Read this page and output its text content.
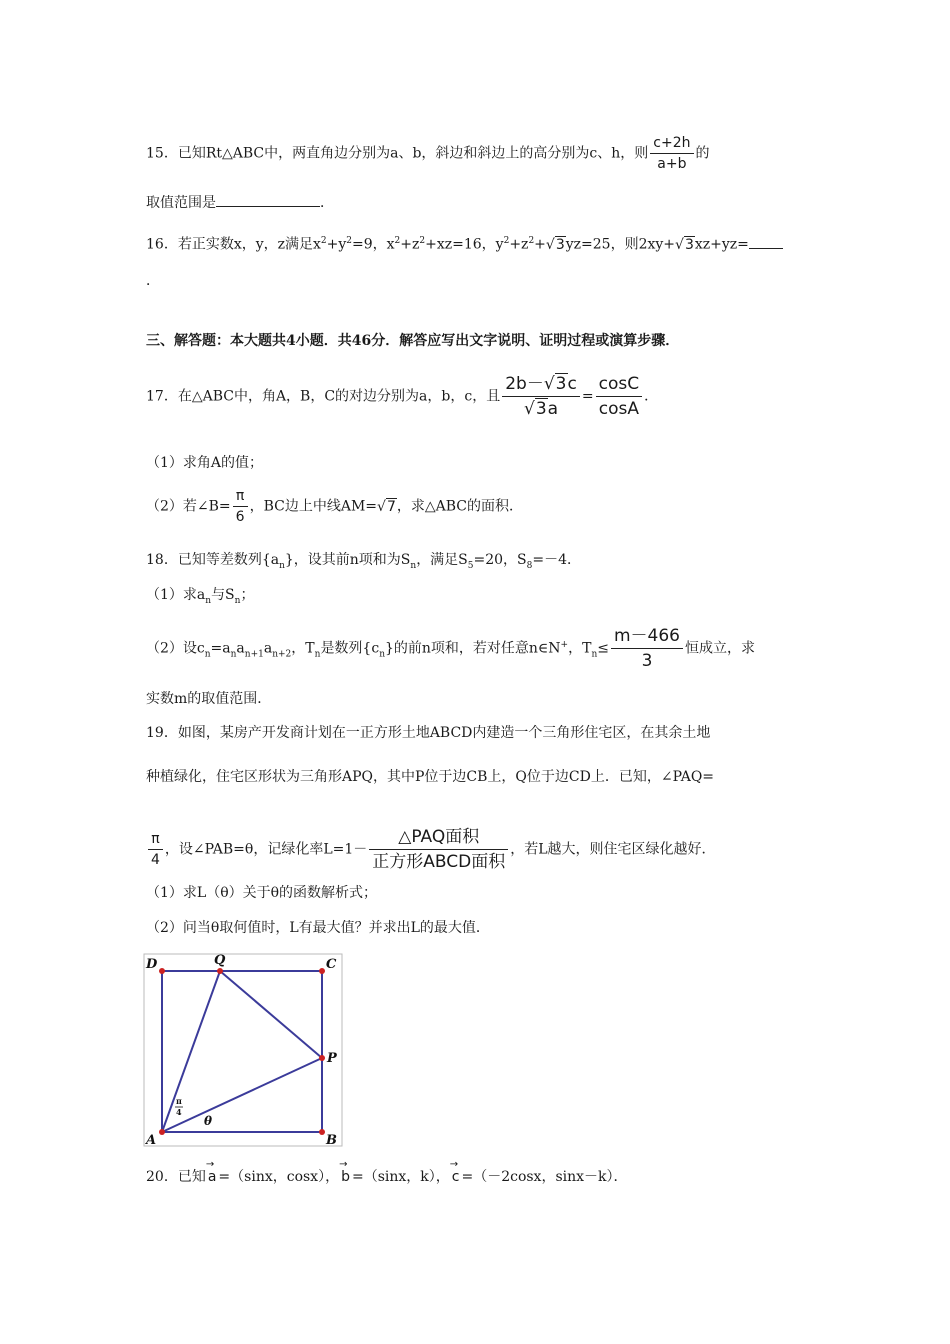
15．已知Rt△ABC中，两直角边分别为a、b，斜边和斜边上的高分别为c、h，则 $\frac{c+2h}{a+b}$ 的
取值范围是	．
16．若正实数x，y，z满足$x^2+y^2=9$，$x^2+z^2+xz=16$，$y^2+z^2+√3yz=25$，则2xy+√3xz+yz=
．
三、解答题：本大题共4小题．共46分．解答应写出文字说明、证明过程或演算步骤．
17．在△ABC中，角A，B，C的对边分别为a，b，c，且 $\frac{2b-√3c}{√3a} = \frac{\cos C}{\cos A}$ ．
（1）求角A的值；
（2）若∠B= $\frac{\pi}{6}$ ，BC边上中线AM=√7，求△ABC的面积．
18．已知等差数列$\{a_n\}$，设其前n项和为$S_n$，满足$S_5=20$，$S_8=-4$．
（1）求$a_n$与$S_n$；
（2）设$c_n=a_na_{n+1}a_{n+2}$，$T_n$是数列$\{c_n\}$的前n项和，若对任意n∈N+，$T_n\le \frac{m-466}{3}$ 恒成立，求
实数m的取值范围．
19．如图，某房产开发商计划在一正方形土地ABCD内建造一个三角形住宅区，在其余土地
种植绿化，住宅区形状为三角形APQ，其中P位于边CB上，Q位于边CD上．已知，∠PAQ=
$\frac{\pi}{4}$ ，设∠PAB=θ，记绿化率$L=1- \frac{\text{△PAQ面积}}{\text{正方形ABCD面积}}$ ，若L越大，则住宅区绿化越好．
（1）求L（θ）关于θ的函数解析式；
（2）问当θ取何值时，L有最大值？并求出L的最大值．
D	Q	C
P
A	B
θ
π
4
20．已知 → a =（sinx，cosx）， → b =（sinx，k）， → c =（－2cosx，sinx－k）．
